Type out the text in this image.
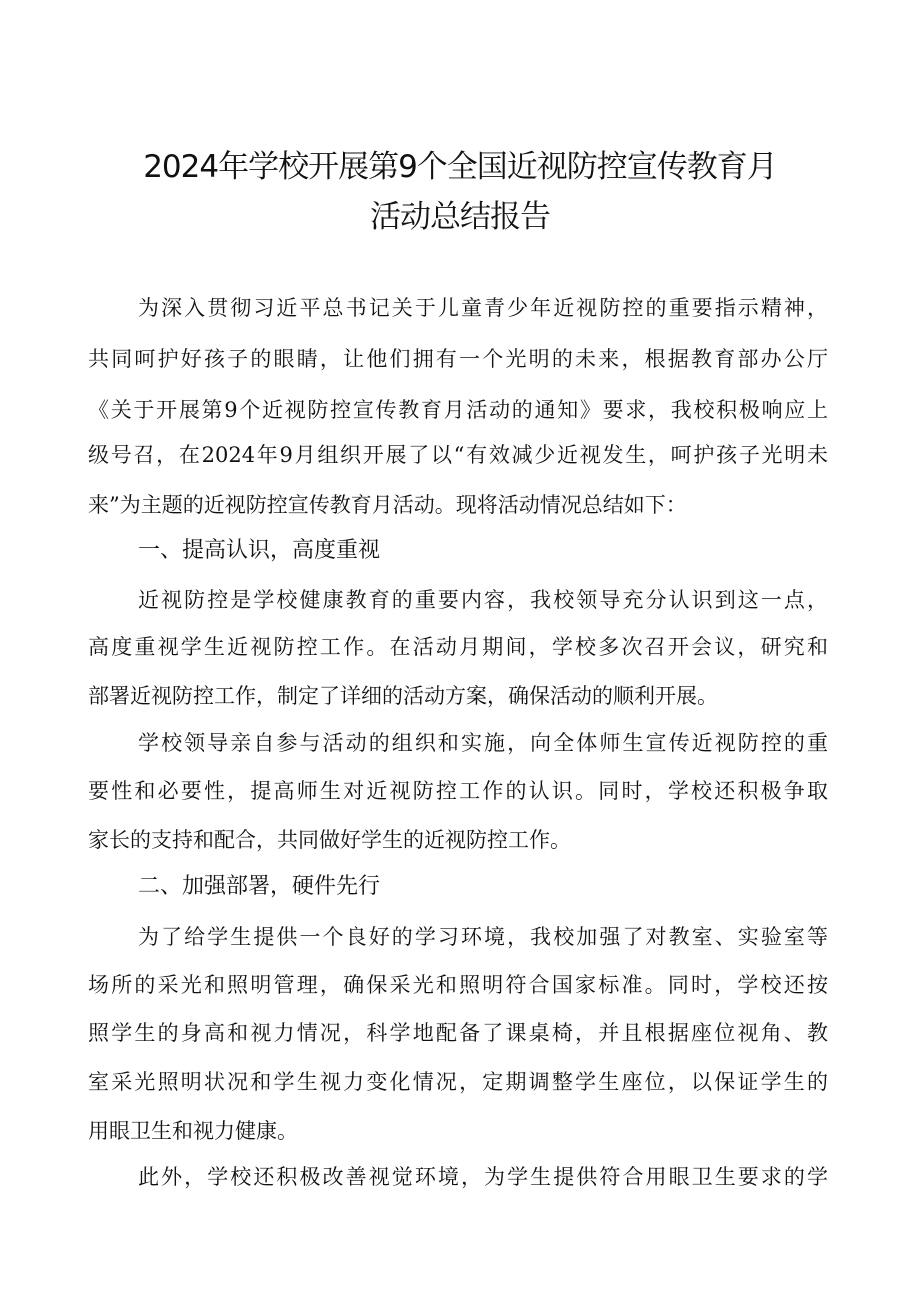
2024年学校开展第9个全国近视防控宣传教育月
活动总结报告
为深入贯彻习近平总书记关于儿童青少年近视防控的重要指示精神，
共同呵护好孩子的眼睛，让他们拥有一个光明的未来，根据教育部办公厅
《关于开展第9个近视防控宣传教育月活动的通知》要求，我校积极响应上
级号召，在2024年9月组织开展了以“有效减少近视发生，呵护孩子光明未
来”为主题的近视防控宣传教育月活动。现将活动情况总结如下：
一、提高认识，高度重视
近视防控是学校健康教育的重要内容，我校领导充分认识到这一点，
高度重视学生近视防控工作。在活动月期间，学校多次召开会议，研究和
部署近视防控工作，制定了详细的活动方案，确保活动的顺利开展。
学校领导亲自参与活动的组织和实施，向全体师生宣传近视防控的重
要性和必要性，提高师生对近视防控工作的认识。同时，学校还积极争取
家长的支持和配合，共同做好学生的近视防控工作。
二、加强部署，硬件先行
为了给学生提供一个良好的学习环境，我校加强了对教室、实验室等
场所的采光和照明管理，确保采光和照明符合国家标准。同时，学校还按
照学生的身高和视力情况，科学地配备了课桌椅，并且根据座位视角、教
室采光照明状况和学生视力变化情况，定期调整学生座位，以保证学生的
用眼卫生和视力健康。
此外，学校还积极改善视觉环境，为学生提供符合用眼卫生要求的学
